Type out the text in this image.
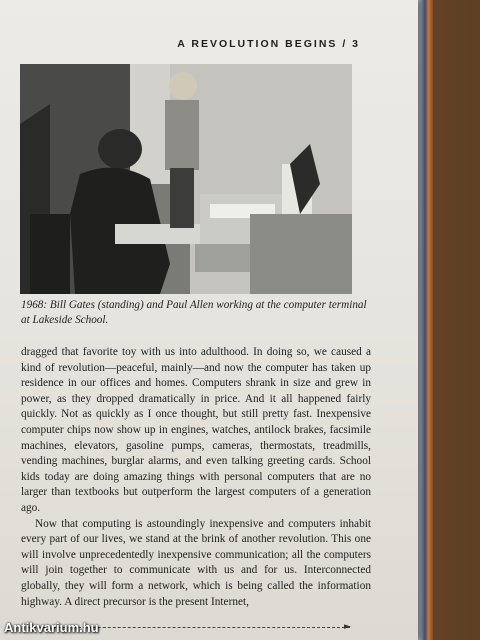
A REVOLUTION BEGINS / 3
1968: Bill Gates (standing) and Paul Allen working at the computer terminal at Lakeside School.

dragged that favorite toy with us into adulthood. In doing so, we caused a kind of revolution—peaceful, mainly—and now the computer has taken up residence in our offices and homes. Computers shrank in size and grew in power, as they dropped dramatically in price. And it all happened fairly quickly. Not as quickly as I once thought, but still pretty fast. Inexpensive computer chips now show up in engines, watches, antilock brakes, facsimile machines, elevators, gasoline pumps, cameras, thermostats, treadmills, vending machines, burglar alarms, and even talking greeting cards. School kids today are doing amazing things with personal computers that are no larger than textbooks but outperform the largest computers of a generation ago.

Now that computing is astoundingly inexpensive and computers inhabit every part of our lives, we stand at the brink of another revolution. This one will involve unprecedentedly inexpensive communication; all the computers will join together to communicate with us and for us. Interconnected globally, they will form a network, which is being called the information highway. A direct precursor is the present Internet,

►
Antikvarium.hu
